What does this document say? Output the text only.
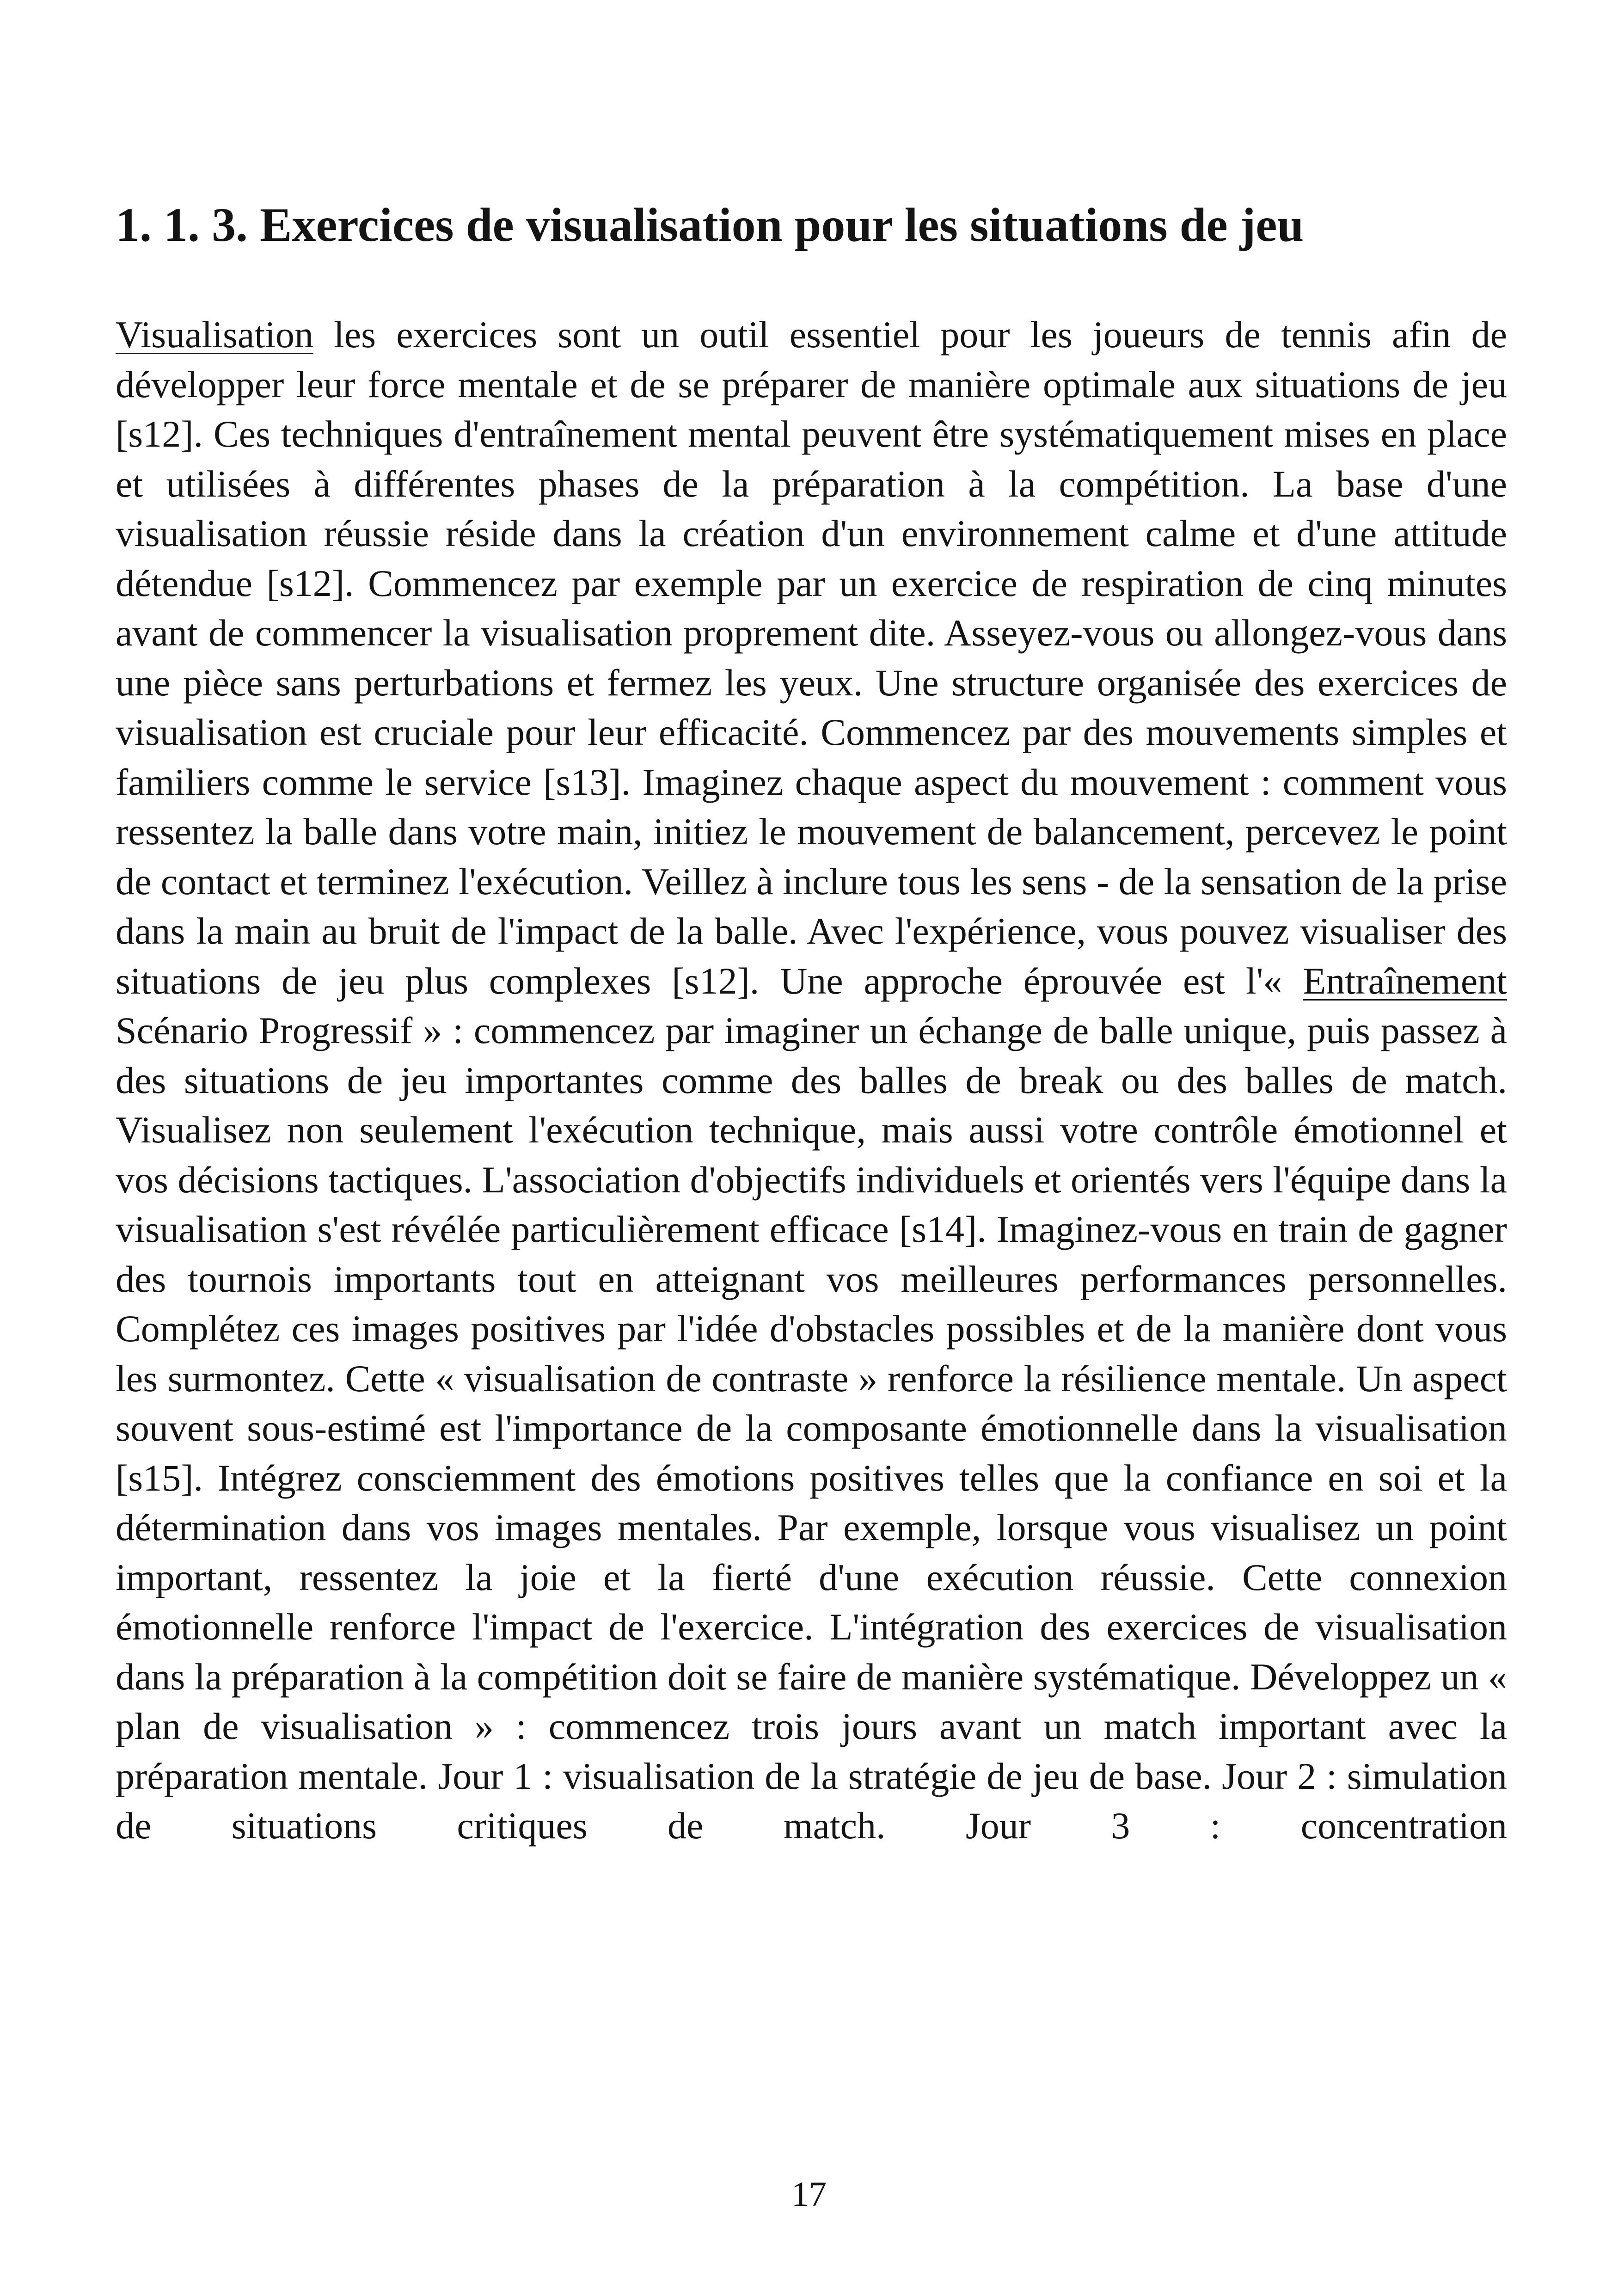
1. 1. 3. Exercices de visualisation pour les situations de jeu

Visualisation les exercices sont un outil essentiel pour les joueurs de tennis afin de développer leur force mentale et de se préparer de manière optimale aux situations de jeu [s12]. Ces techniques d'entraînement mental peuvent être systématiquement mises en place et utilisées à différentes phases de la préparation à la compétition. La base d'une visualisation réussie réside dans la création d'un environnement calme et d'une attitude détendue [s12]. Commencez par exemple par un exercice de respiration de cinq minutes avant de commencer la visualisation proprement dite. Asseyez-vous ou allongez-vous dans une pièce sans perturbations et fermez les yeux. Une structure organisée des exercices de visualisation est cruciale pour leur efficacité. Commencez par des mouvements simples et familiers comme le service [s13]. Imaginez chaque aspect du mouvement : comment vous ressentez la balle dans votre main, initiez le mouvement de balancement, percevez le point de contact et terminez l'exécution. Veillez à inclure tous les sens - de la sensation de la prise dans la main au bruit de l'impact de la balle. Avec l'expérience, vous pouvez visualiser des situations de jeu plus complexes [s12]. Une approche éprouvée est l'« Entraînement Scénario Progressif » : commencez par imaginer un échange de balle unique, puis passez à des situations de jeu importantes comme des balles de break ou des balles de match. Visualisez non seulement l'exécution technique, mais aussi votre contrôle émotionnel et vos décisions tactiques. L'association d'objectifs individuels et orientés vers l'équipe dans la visualisation s'est révélée particulièrement efficace [s14]. Imaginez-vous en train de gagner des tournois importants tout en atteignant vos meilleures performances personnelles. Complétez ces images positives par l'idée d'obstacles possibles et de la manière dont vous les surmontez. Cette « visualisation de contraste » renforce la résilience mentale. Un aspect souvent sous-estimé est l'importance de la composante émotionnelle dans la visualisation [s15]. Intégrez consciemment des émotions positives telles que la confiance en soi et la détermination dans vos images mentales. Par exemple, lorsque vous visualisez un point important, ressentez la joie et la fierté d'une exécution réussie. Cette connexion émotionnelle renforce l'impact de l'exercice. L'intégration des exercices de visualisation dans la préparation à la compétition doit se faire de manière systématique. Développez un « plan de visualisation » : commencez trois jours avant un match important avec la préparation mentale. Jour 1 : visualisation de la stratégie de jeu de base. Jour 2 : simulation de situations critiques de match. Jour 3 : concentration

17
